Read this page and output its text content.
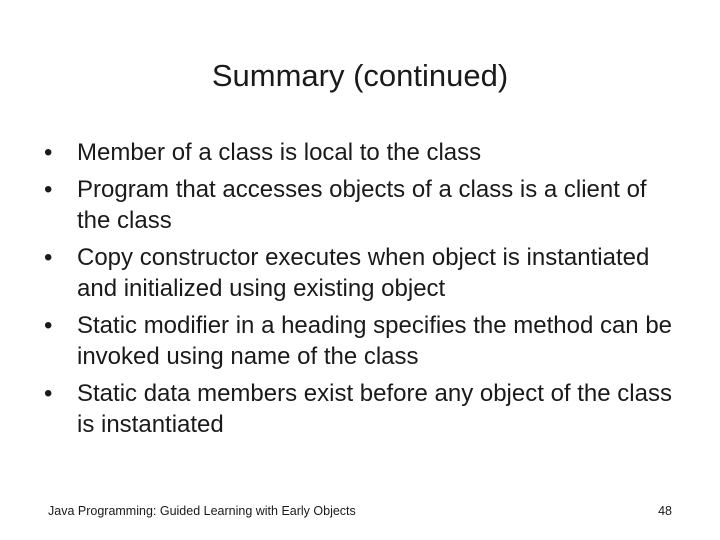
Summary (continued)
•	Member of a class is local to the class
•	Program that accesses objects of a class is a client of the class
•	Copy constructor executes when object is instantiated and initialized using existing object
•	Static modifier in a heading specifies the method can be invoked using name of the class
•	Static data members exist before any object of the class is instantiated
Java Programming: Guided Learning with Early Objects	48
